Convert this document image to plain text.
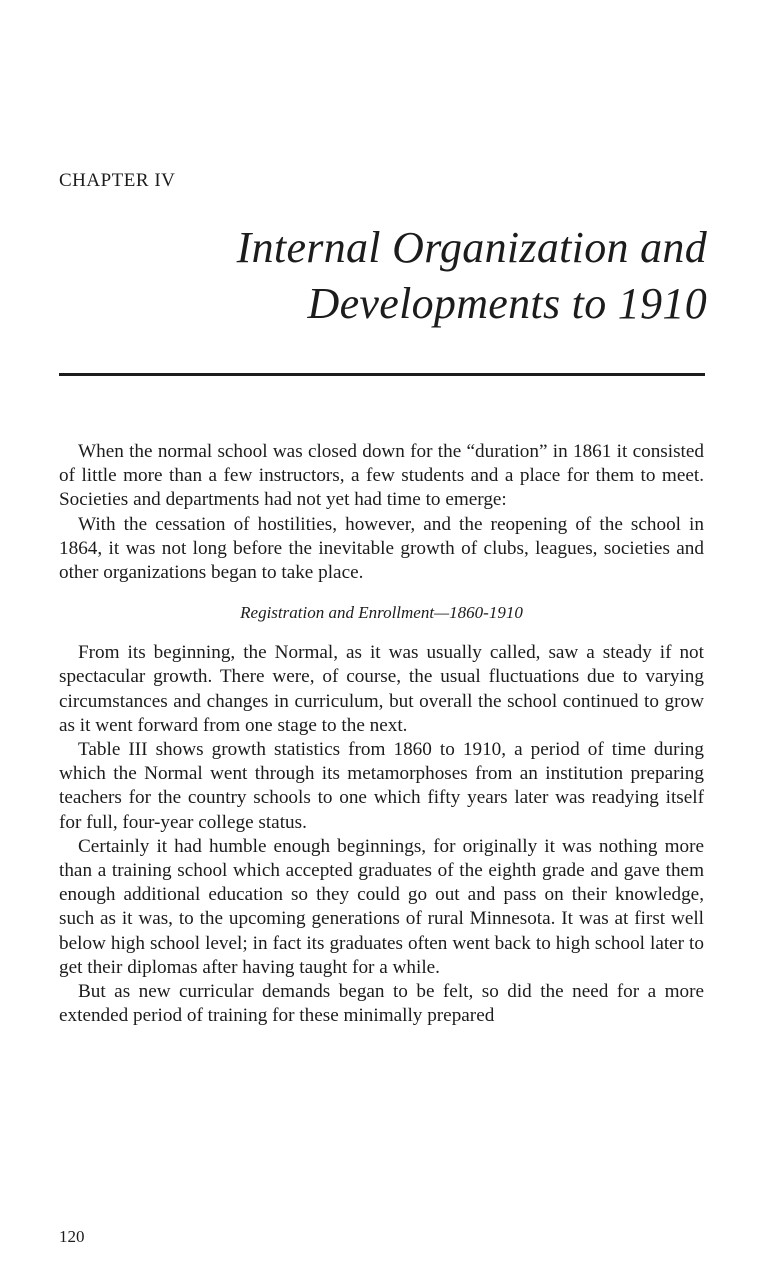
CHAPTER IV
Internal Organization and
Developments to 1910

When the normal school was closed down for the “duration” in 1861 it consisted of little more than a few instructors, a few students and a place for them to meet. Societies and departments had not yet had time to emerge:

With the cessation of hostilities, however, and the reopening of the school in 1864, it was not long before the inevitable growth of clubs, leagues, societies and other organizations began to take place.

Registration and Enrollment—1860-1910

From its beginning, the Normal, as it was usually called, saw a steady if not spectacular growth. There were, of course, the usual fluctuations due to varying circumstances and changes in curriculum, but overall the school continued to grow as it went forward from one stage to the next.

Table III shows growth statistics from 1860 to 1910, a period of time during which the Normal went through its metamorphoses from an institution preparing teachers for the country schools to one which fifty years later was readying itself for full, four-year college status.

Certainly it had humble enough beginnings, for originally it was nothing more than a training school which accepted graduates of the eighth grade and gave them enough additional education so they could go out and pass on their knowledge, such as it was, to the upcoming generations of rural Minnesota. It was at first well below high school level; in fact its graduates often went back to high school later to get their diplomas after having taught for a while.

But as new curricular demands began to be felt, so did the need for a more extended period of training for these minimally prepared

120
